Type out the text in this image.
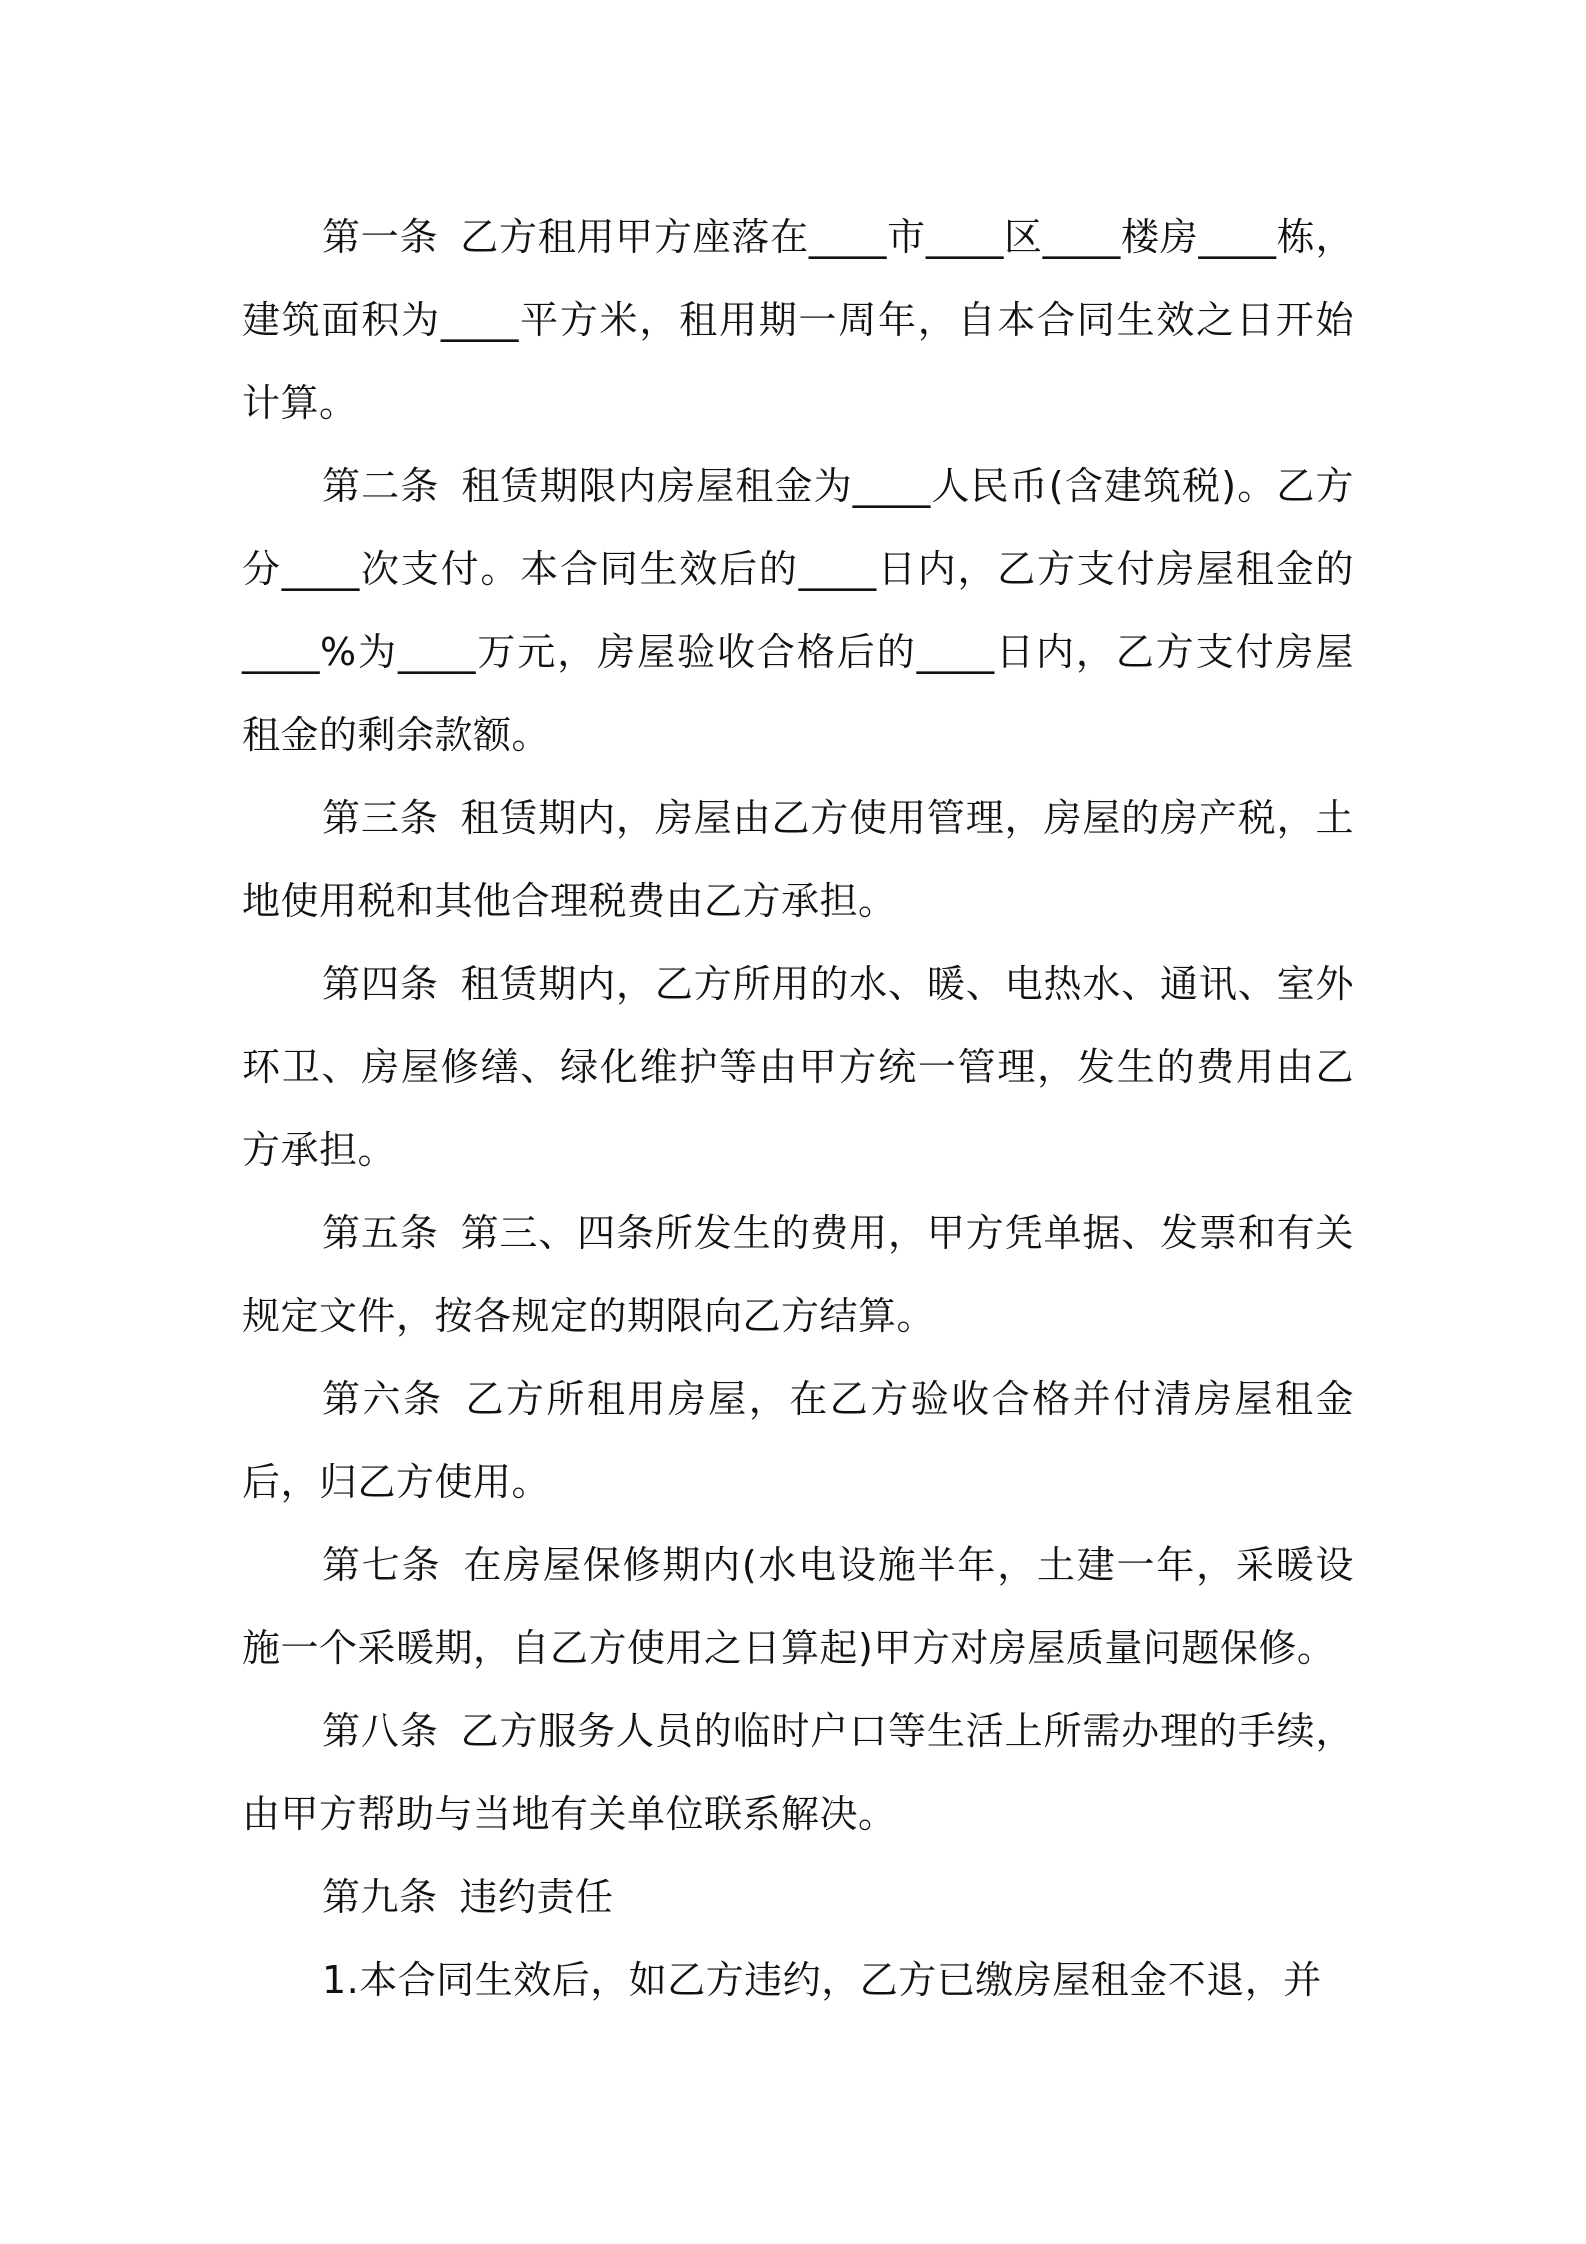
第一条 乙方租用甲方座落在____市____区____楼房____栋，建筑面积为____平方米，租用期一周年，自本合同生效之日开始计算。

第二条 租赁期限内房屋租金为____人民币(含建筑税)。乙方分____次支付。本合同生效后的____日内，乙方支付房屋租金的____%为____万元，房屋验收合格后的____日内，乙方支付房屋租金的剩余款额。

第三条 租赁期内，房屋由乙方使用管理，房屋的房产税，土地使用税和其他合理税费由乙方承担。

第四条 租赁期内，乙方所用的水、暖、电热水、通讯、室外环卫、房屋修缮、绿化维护等由甲方统一管理，发生的费用由乙方承担。

第五条 第三、四条所发生的费用，甲方凭单据、发票和有关规定文件，按各规定的期限向乙方结算。

第六条 乙方所租用房屋，在乙方验收合格并付清房屋租金后，归乙方使用。

第七条 在房屋保修期内(水电设施半年，土建一年，采暖设施一个采暖期，自乙方使用之日算起)甲方对房屋质量问题保修。

第八条 乙方服务人员的临时户口等生活上所需办理的手续，由甲方帮助与当地有关单位联系解决。

第九条 违约责任

1.本合同生效后，如乙方违约，乙方已缴房屋租金不退，并
